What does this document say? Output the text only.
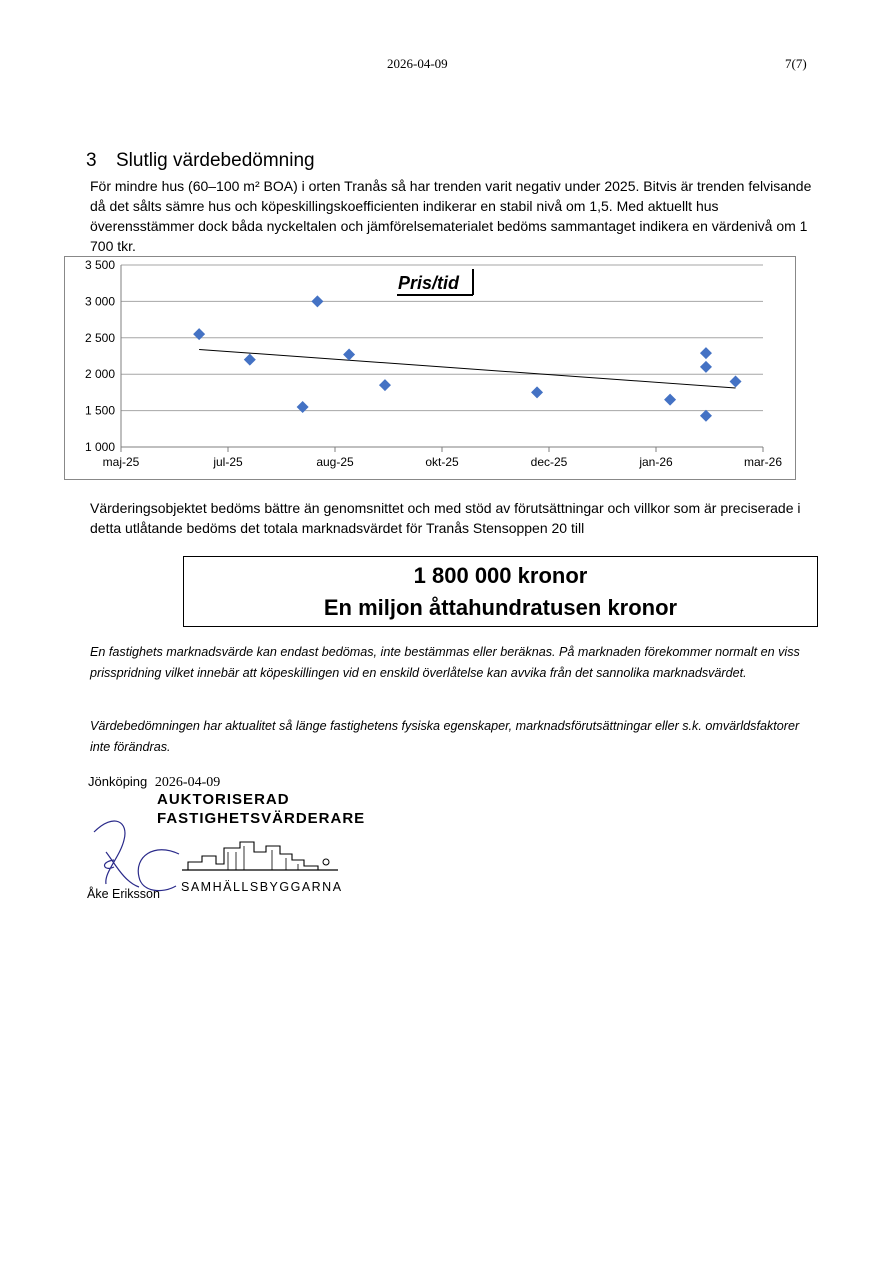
2026-04-09	7(7)
3 Slutlig värdebedömning
För mindre hus (60–100 m² BOA) i orten Tranås så har trenden varit negativ under 2025. Bitvis är trenden felvisande då det sålts sämre hus och köpeskillingskoefficienten indikerar en stabil nivå om 1,5. Med aktuellt hus överensstämmer dock båda nyckeltalen och jämförelsematerialet bedöms sammantaget indikera en värdenivå om 1 700 tkr.
3 500
3 000
2 500
2 000
1 500
1 000
maj-25	jul-25	aug-25	okt-25	dec-25	jan-26	mar-26
Pris/tid
Värderingsobjektet bedöms bättre än genomsnittet och med stöd av förutsättningar och villkor som är preciserade i detta utlåtande bedöms det totala marknadsvärdet för Tranås Stensoppen 20 till
1 800 000 kronor
En miljon åttahundratusen kronor
En fastighets marknadsvärde kan endast bedömas, inte bestämmas eller beräknas. På marknaden förekommer normalt en viss prisspridning vilket innebär att köpeskillingen vid en enskild överlåtelse kan avvika från det sannolika marknadsvärdet.
Värdebedömningen har aktualitet så länge fastighetens fysiska egenskaper, marknadsförutsättningar eller s.k. omvärldsfaktorer inte förändras.
Jönköping 2026-04-09
AUKTORISERAD
FASTIGHETSVÄRDERARE
SAMHÄLLSBYGGARNA
Åke Eriksson
